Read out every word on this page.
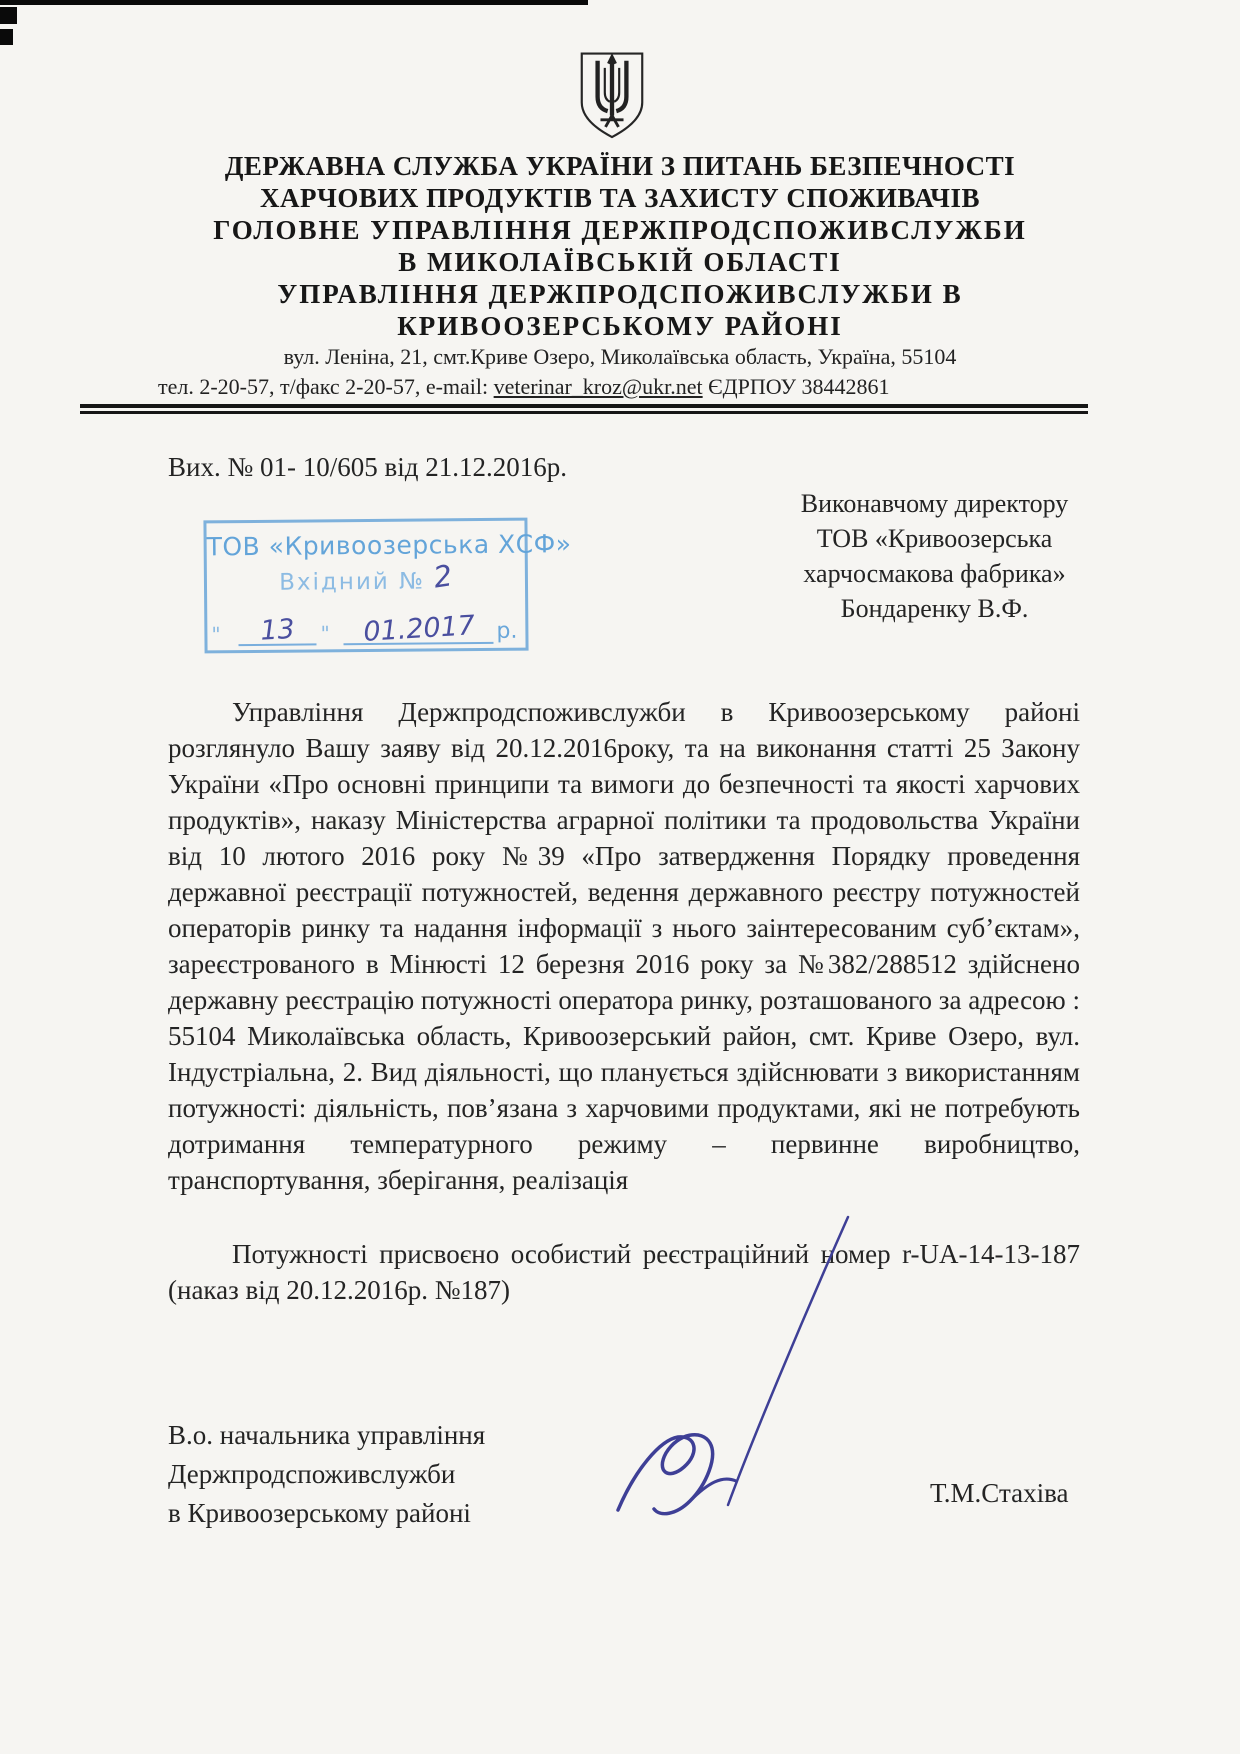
ДЕРЖАВНА СЛУЖБА УКРАЇНИ З ПИТАНЬ БЕЗПЕЧНОСТІ
ХАРЧОВИХ ПРОДУКТІВ ТА ЗАХИСТУ СПОЖИВАЧІВ
ГОЛОВНЕ УПРАВЛІННЯ ДЕРЖПРОДСПОЖИВСЛУЖБИ
В МИКОЛАЇВСЬКІЙ ОБЛАСТІ
УПРАВЛІННЯ ДЕРЖПРОДСПОЖИВСЛУЖБИ В
КРИВООЗЕРСЬКОМУ РАЙОНІ
вул. Леніна, 21, смт.Криве Озеро, Миколаївська область, Україна, 55104
тел. 2-20-57, т/факс 2-20-57, e-mail: veterinar_kroz@ukr.net ЄДРПОУ 38442861
Вих. № 01- 10/605 від 21.12.2016р.
ТОВ «Кривоозерська ХСФ»
Вхідний № 2
"	13	"	01.2017 р.
Виконавчому директору
ТОВ «Кривоозерська
харчосмакова фабрика»
Бондаренку В.Ф.

Управління Держпродспоживслужби в Кривоозерському районі розглянуло Вашу заяву від 20.12.2016року, та на виконання статті 25 Закону України «Про основні принципи та вимоги до безпечності та якості харчових продуктів», наказу Міністерства аграрної політики та продовольства України від 10 лютого 2016 року №39 «Про затвердження Порядку проведення державної реєстрації потужностей, ведення державного реєстру потужностей операторів ринку та надання інформації з нього заінтересованим суб’єктам», зареєстрованого в Мінюсті 12 березня 2016 року за №382/288512 здійснено державну реєстрацію потужності оператора ринку, розташованого за адресою : 55104 Миколаївська область, Кривоозерський район, смт. Криве Озеро, вул. Індустріальна, 2. Вид діяльності, що планується здійснювати з використанням потужності: діяльність, пов’язана з харчовими продуктами, які не потребують дотримання температурного режиму – первинне виробництво, транспортування, зберігання, реалізація

Потужності присвоєно особистий реєстраційний номер r-UA-14-13-187 (наказ від 20.12.2016р. №187)

В.о. начальника управління
Держпродспоживслужби
в Кривоозерському районі
Т.М.Стахіва
